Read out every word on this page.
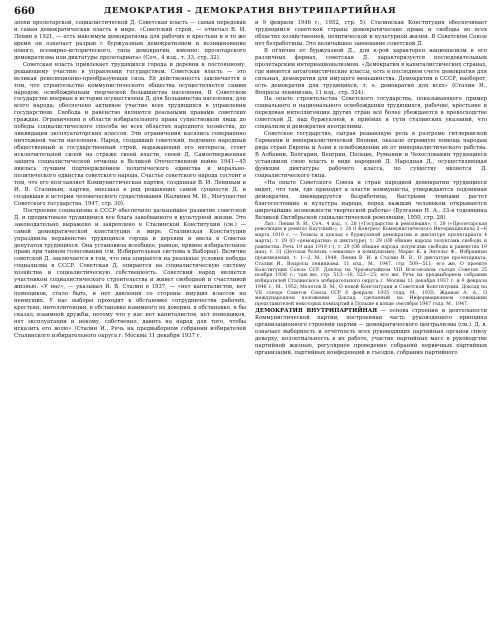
660	ДЕМОКРАТИЯ - ДЕМОКРАТИЯ ВНУТРИПАРТИЙНАЯ

эпохи пролетарской, социалистической Д. Советская власть — самая передовая и самая демократическая власть в мире. «Советский строй, — отмечал В. И. Ленин в 1921, — есть максимум демократизма для рабочих и крестьян и в то же время он означает разрыв с буржуазным демократизмом и возникновение нового, всемирно-исторического, типа демократии, именно: пролетарского демократизма или диктатуры пролетариата» (Соч., 4 изд., т. 33, стр. 32).

Советская власть привлекает трудящихся города и деревни к постоянному, решающему участию в управлении государством. Советская власть — это великая революционно-преобразующая сила. Её действенность заключается в том, что строительство коммунистического общества осуществляется самим народом, освобождённым творческой большинства населения. В Советском государстве впервые в истории осуществлена Д. для большинства населения, для всего народа; обеспечено активное участие всех трудящихся в управлении государством. Свобода и равенство являются реальными правами советских граждан. Ограничения в области избирательного права существовали лишь до победы социалистического способа во всех областях народного хозяйства, до ликвидации эксплуататорских классов. Эти ограничения касались совершенно ничтожной части населения. Народ, создавший советский, подлинно народный общественный и государственный строй, выражающий его интересы, стоит исключительной силой на страже своей власти, своей Д. Самоотверженная защита социалистической отчизны в Великой Отечественной войне 1941—45 явилась лучшим подтверждением политического единства и морально-политического единства советского народа. Счастье советского народа состоит в том, что его возглавляет Коммунистическая партия, созданная В. И. Лениным и И. В. Сталиным, партия, внесшая в ряд решающих самой сущности Д. и создавшая в истории человеческого существования (Калинин М. И., Могущество Советского государства, 1947, стр. 30).

Построение социализма в СССР обеспечило дальнейшее развитие советской Д. и продиктовало трудящимся все блага завоёванного в культурной жизни. Это законодательно выражено и закреплено в Сталинской Конституции (см.) — самой демократической конституции в мире. Сталинская Конституция упразднила неравенство трудящихся города и деревни и ввела в Советах депутатов трудящихся. Она установила всеобщее, равное, прямое избирательное право при тайном голосовании (см. Избирательная система в Выборах). Величие советской Д. заключается в том, что она опирается на реальные условия победы социализма в СССР. Советская Д. опирается на социалистическую систему хозяйства и социалистическую собственность. Советский народ является участником социалистического строительства и живет свободной и счастливой жизнью. «У нас», — указывал И. В. Сталин в 1937, — «нет капиталистов, нет помещиков, стало быть, и нет давления со стороны имущих классов на неимущих. У нас выборы проходят в обстановке сотрудничества рабочих, крестьян, интеллигенции, в обстановке взаимного их доверия, в обстановке, я бы сказал, взаимной дружбы, потому что у нас нет капиталистов, нет помещиков, нет эксплуатации и некому, собственно, давить на народ для того, чтобы исказить его волю» (Сталин И., Речь на предвыборном собрании избирателей Сталинского избирательного округа г. Москвы 11 декабря 1937 г.

и 9 февраля 1946 г., 1952, стр. 5). Сталинская Конституция обеспечивает трудящимся советской страны демократические права и свободы во всех областях хозяйственной, политической и культурной жизни. В Советском Союзе нет безработицы. Это величайшее завоевание советской Д.

В отличие от буржуазной Д., для к-рой характерен национализм в его различных формах, советская Д. характеризуется последовательным пролетарским интернационализмом. «Демократия в капиталистических странах, где имеются антагонистические классы, есть в последнем счете демократия для сильных, демократия для имущего меньшинства. Демократия в СССР, наоборот, есть демократия для трудящихся, т. е. демократия для всех» (Сталин И., Вопросы ленинизма, 11 изд., стр. 524).

На опыте строительства Советского государства, показывающего пример социального и национального освобождения трудящихся, рабочие, крестьяне и передовая интеллигенция других стран всё более убеждаются в превосходстве советской Д. над буржуазной, в приёмах и сути сталинских указаний, что социализм и демократия неотделимы.

Советское государство, сыграв решающую роль в разгроме гитлеровской Германии и империалистической Японии, оказало огромную помощь народам ряда стран Европы и Азии в освобождении их от империалистического рабства. В Албании, Болгарии, Венгрии, Польше, Румынии и Чехословакии трудящиеся установили свою власть в виде народной Д. Народная Д., осуществляющая функции диктатуры рабочего класса, по существу является Д. социалистического типа.

«На опыте Советского Союза и стран народной демократии трудящиеся видят, что там, где приходят к власти коммунисты, утверждаются подлинная демократия, ликвидируется безработица, быстрыми темпами растет благосостояние и культура народа, перед каждым человеком открываются широчайшие возможности творческой работы» (Булганин Н. А., 33-я годовщина Великой Октябрьской социалистической революции, 1950, стр. 28).

Лит.: Ленин В. И., Соч., 4 изд., т. 28 («Государство и революция», т. 28 («Пролетарская революция и ренегат Каутский»), т. 28 (I Конгресс Коммунистического Интернационала 2—6 марта 1919 г. — Тезисы и доклад о буржуазной демократии и диктатуре пролетариата 4 марта), т. 29 (О «демократии» и диктатуре), т. 29 (Об обмане народа лозунгами свободы и равенства. Речь 19 мая 1919 г.), т. 29 (Об обмане народа лозунгами свободы и равенства 19 мая), т. 31 (Детская болезнь «левизны» в коммунизме); Маркс К. и Энгельс Ф., Избранные произведения, т. 1—2, М., 1948; Ленин В. И. и Сталин И. В., О диктатуре пролетариата; Сталин И., Вопросы ленинизма, 11 изд., М., 1947, стр. 509—511; его же, О проекте Конституции Союза ССР. Доклад на Чрезвычайном VIII Всесоюзном съезде Советов 25 ноября 1936 г.; там же, стр. 513—18, 523—25; его же, Речь на предвыборном собрании избирателей Сталинского избирательного округа г. Москвы 11 декабря 1937 г. и 9 февраля 1946 г., М., 1952; Молотов В. М., О новой Конституции и Советской Конституции. Доклад на VII съезде Советов Союза ССР 6 февраля 1935 года, М., 1935; Жданов А. А., О международном положении. Доклад, сделанный на Информационном совещании представителей некоторых компартий в Польше в конце сентября 1947 года, М., 1947.

ДЕМОКРАТИЯ ВНУТРИПАРТИЙНАЯ — основа строения и деятельности Коммунистической партии, построенная часть руководящего принципа организационного строения партии — демократического централизма (см.). Д. в. означает выборность и отчётность всех руководящих партийных органов снизу доверху, коллегиальность в их работе, участие партийных масс в руководстве партийной жизнью, регулярное проведение собраний первичных партийных организаций, партийных конференций и съездов, собрания партийного
